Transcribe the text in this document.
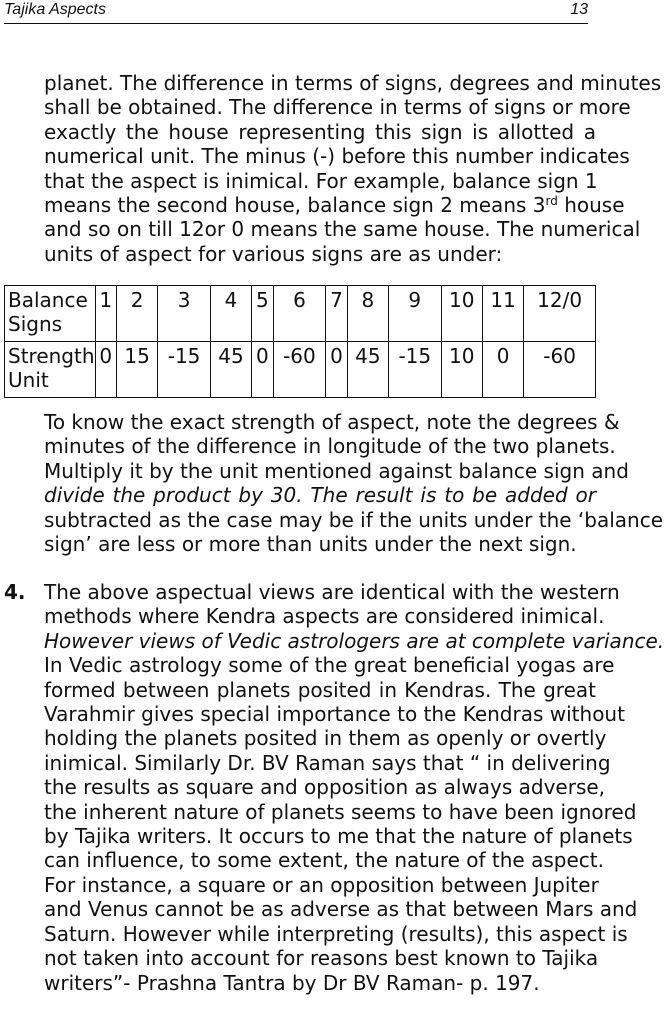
Tajika Aspects	13
planet. The difference in terms of signs, degrees and minutes
shall be obtained. The difference in terms of signs or more
exactly the house representing this sign is allotted a
numerical unit. The minus (-) before this number indicates
that the aspect is inimical. For example, balance sign 1
means the second house, balance sign 2 means 3rd house
and so on till 12or 0 means the same house. The numerical
units of aspect for various signs are as under:
Balance
Signs	1	2	3	4	5	6	7	8	9	10	11	12/0
Strength
Unit	0	15	-15	45	0	-60	0	45	-15	10	0	-60
To know the exact strength of aspect, note the degrees &
minutes of the difference in longitude of the two planets.
Multiply it by the unit mentioned against balance sign and
divide the product by 30. The result is to be added or
subtracted as the case may be if the units under the ‘balance
sign’ are less or more than units under the next sign.
4. The above aspectual views are identical with the western
methods where Kendra aspects are considered inimical.
However views of Vedic astrologers are at complete variance.
In Vedic astrology some of the great beneficial yogas are
formed between planets posited in Kendras. The great
Varahmir gives special importance to the Kendras without
holding the planets posited in them as openly or overtly
inimical. Similarly Dr. BV Raman says that “ in delivering
the results as square and opposition as always adverse,
the inherent nature of planets seems to have been ignored
by Tajika writers. It occurs to me that the nature of planets
can influence, to some extent, the nature of the aspect.
For instance, a square or an opposition between Jupiter
and Venus cannot be as adverse as that between Mars and
Saturn. However while interpreting (results), this aspect is
not taken into account for reasons best known to Tajika
writers”- Prashna Tantra by Dr BV Raman- p. 197.
